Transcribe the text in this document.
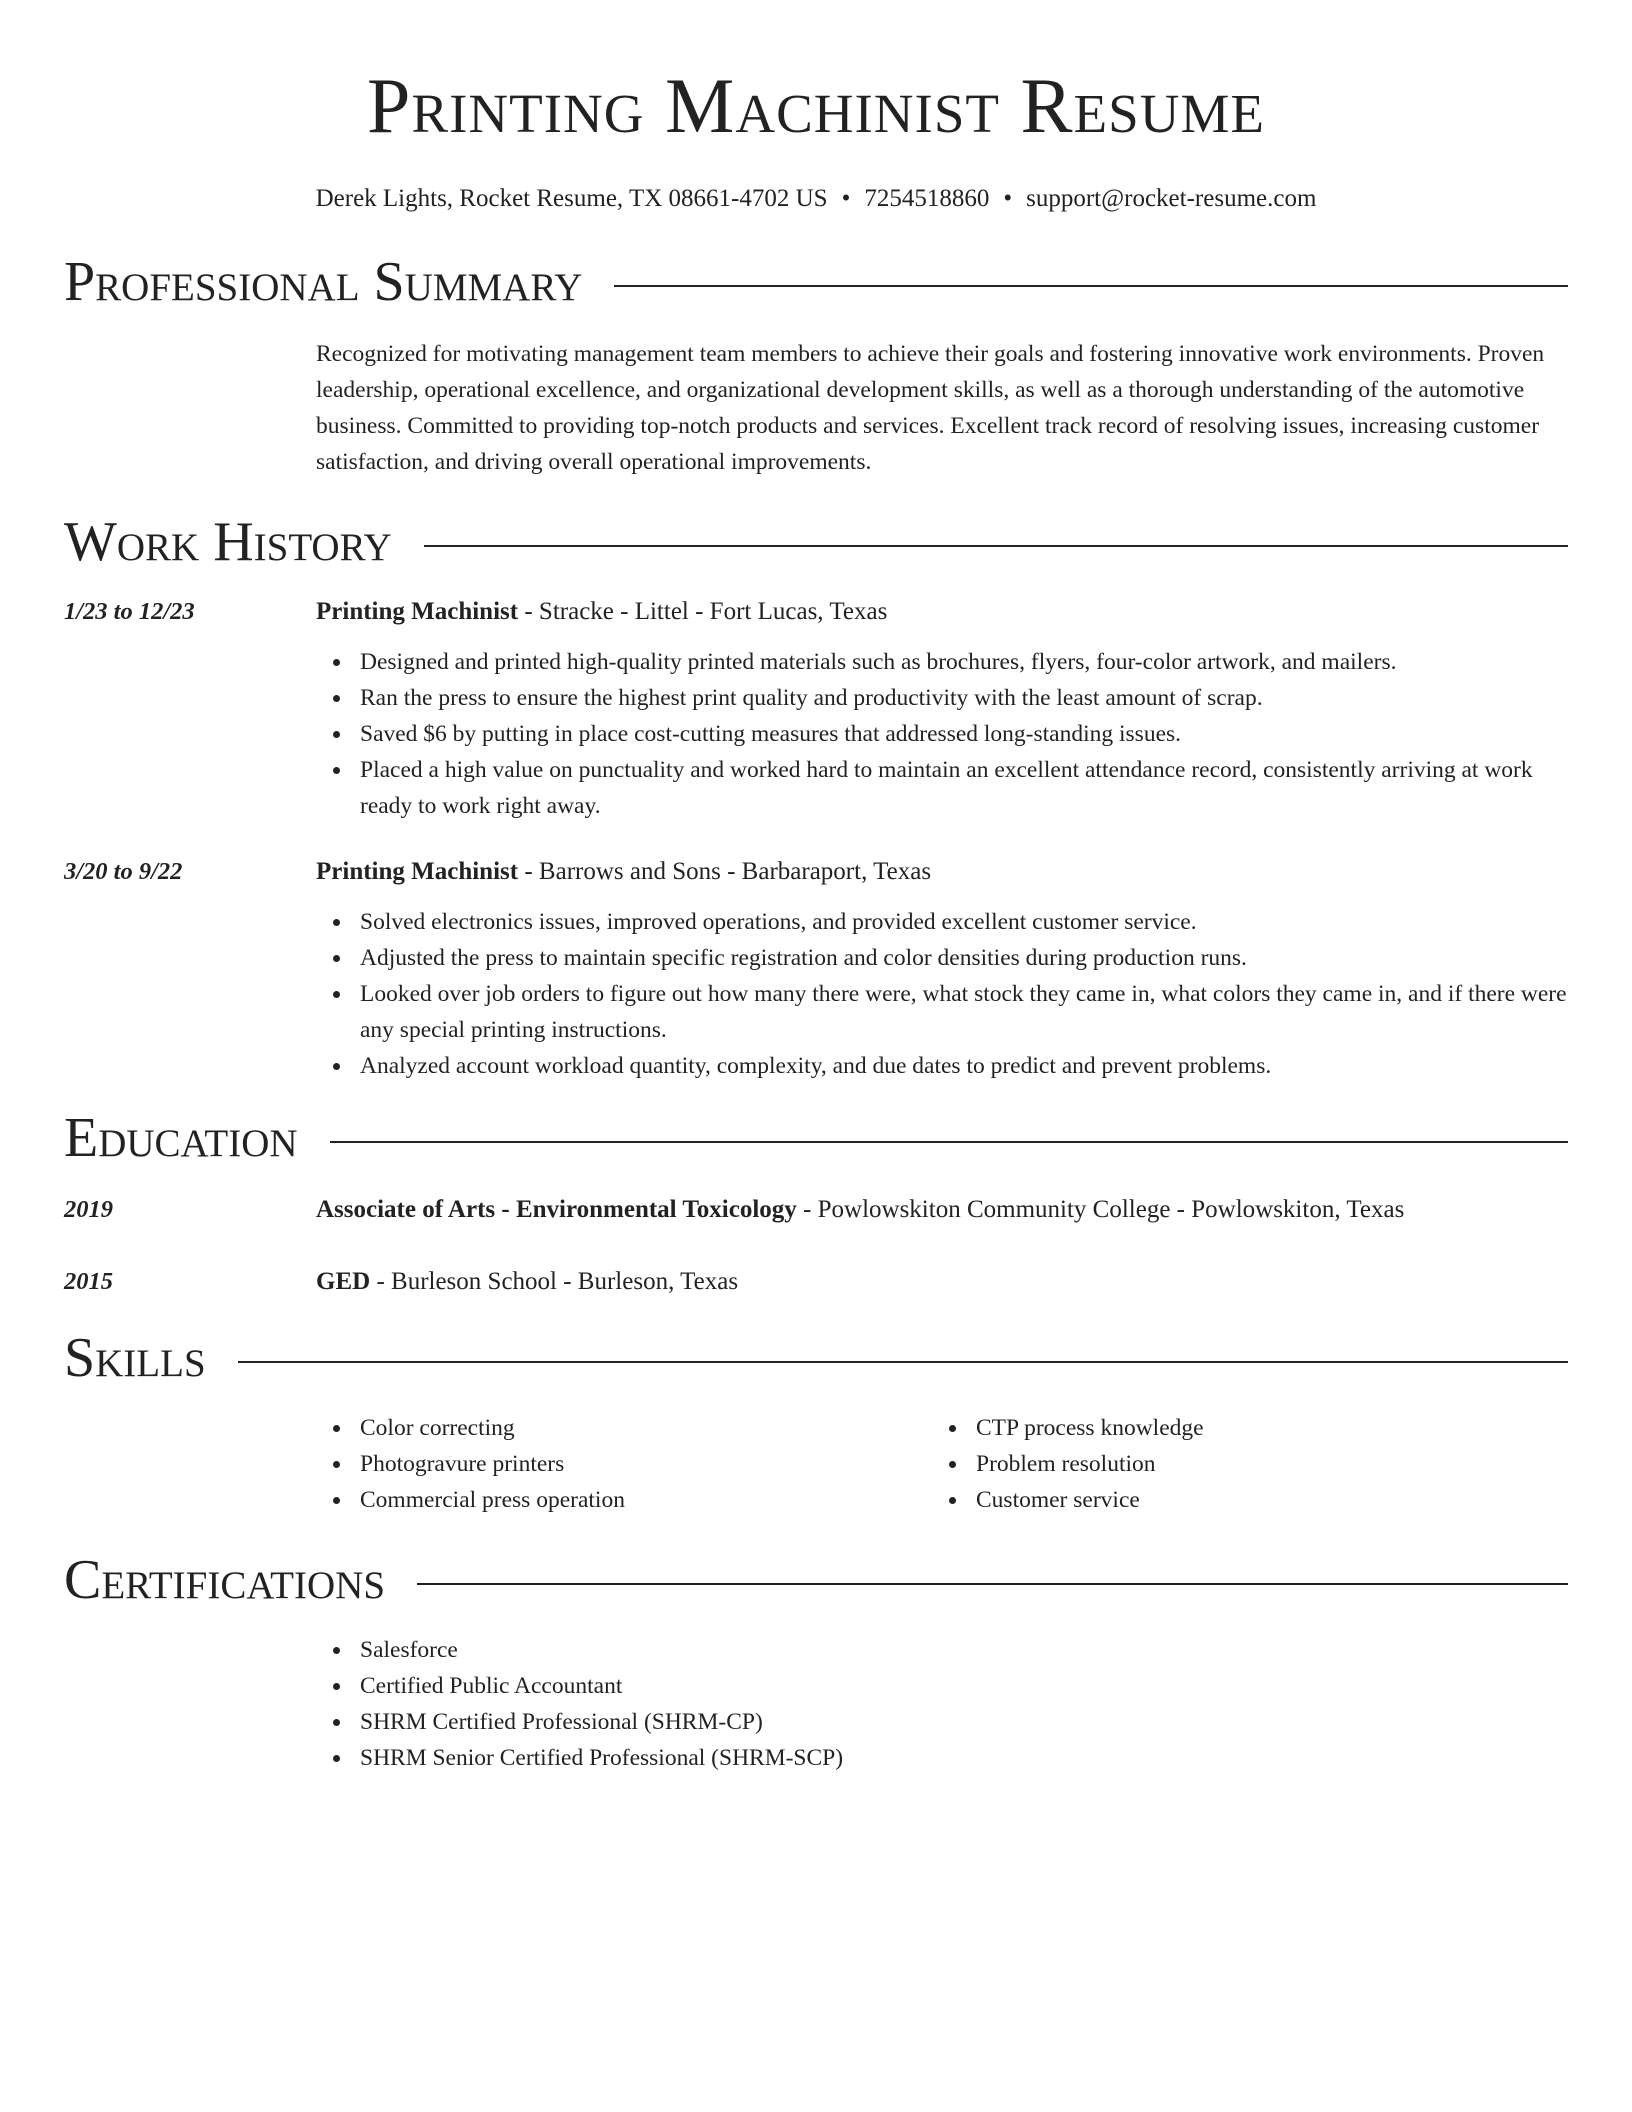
Printing Machinist Resume
Derek Lights, Rocket Resume, TX 08661-4702 US • 7254518860 • support@rocket-resume.com
Professional Summary

Recognized for motivating management team members to achieve their goals and fostering innovative work environments. Proven leadership, operational excellence, and organizational development skills, as well as a thorough understanding of the automotive business. Committed to providing top-notch products and services. Excellent track record of resolving issues, increasing customer satisfaction, and driving overall operational improvements.

Work History
1/23 to 12/23	Printing Machinist - Stracke - Littel - Fort Lucas, Texas
Designed and printed high-quality printed materials such as brochures, flyers, four-color artwork, and mailers.
Ran the press to ensure the highest print quality and productivity with the least amount of scrap.
Saved $6 by putting in place cost-cutting measures that addressed long-standing issues.
Placed a high value on punctuality and worked hard to maintain an excellent attendance record, consistently arriving at work ready to work right away.
3/20 to 9/22	Printing Machinist - Barrows and Sons - Barbaraport, Texas
Solved electronics issues, improved operations, and provided excellent customer service.
Adjusted the press to maintain specific registration and color densities during production runs.
Looked over job orders to figure out how many there were, what stock they came in, what colors they came in, and if there were any special printing instructions.
Analyzed account workload quantity, complexity, and due dates to predict and prevent problems.
Education
2019	Associate of Arts - Environmental Toxicology - Powlowskiton Community College - Powlowskiton, Texas
2015	GED - Burleson School - Burleson, Texas
Skills
Color correcting
Photogravure printers
Commercial press operation
CTP process knowledge
Problem resolution
Customer service
Certifications
Salesforce
Certified Public Accountant
SHRM Certified Professional (SHRM-CP)
SHRM Senior Certified Professional (SHRM-SCP)
